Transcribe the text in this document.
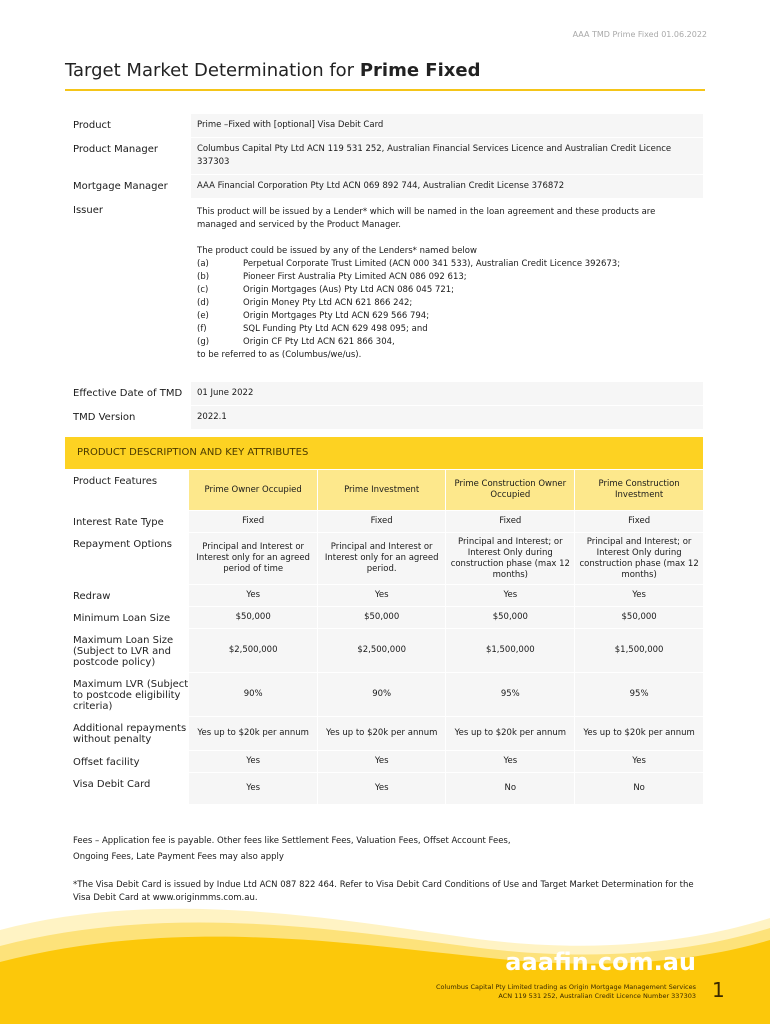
AAA TMD Prime Fixed 01.06.2022
Target Market Determination for Prime Fixed
Product	Prime –Fixed with [optional] Visa Debit Card
Product Manager	Columbus Capital Pty Ltd ACN 119 531 252, Australian Financial Services Licence and Australian Credit Licence 337303
Mortgage Manager	AAA Financial Corporation Pty Ltd ACN 069 892 744, Australian Credit License 376872
Issuer	This product will be issued by a Lender* which will be named in the loan agreement and these products are managed and serviced by the Product Manager.
The product could be issued by any of the Lenders* named below
(a)	Perpetual Corporate Trust Limited (ACN 000 341 533), Australian Credit Licence 392673;
(b)	Pioneer First Australia Pty Limited ACN 086 092 613;
(c)	Origin Mortgages (Aus) Pty Ltd ACN 086 045 721;
(d)	Origin Money Pty Ltd ACN 621 866 242;
(e)	Origin Mortgages Pty Ltd ACN 629 566 794;
(f)	SQL Funding Pty Ltd ACN 629 498 095; and
(g)	Origin CF Pty Ltd ACN 621 866 304,
to be referred to as (Columbus/we/us).
Effective Date of TMD	01 June 2022
TMD Version	2022.1
PRODUCT DESCRIPTION AND KEY ATTRIBUTES
Product Features	Prime Owner Occupied	Prime Investment	Prime Construction Owner Occupied	Prime Construction Investment
Interest Rate Type	Fixed	Fixed	Fixed	Fixed
Repayment Options	Principal and Interest or Interest only for an agreed period of time	Principal and Interest or Interest only for an agreed period.	Principal and Interest; or Interest Only during construction phase (max 12 months)	Principal and Interest; or Interest Only during construction phase (max 12 months)
Redraw	Yes	Yes	Yes	Yes
Minimum Loan Size	$50,000	$50,000	$50,000	$50,000
Maximum Loan Size (Subject to LVR and postcode policy)	$2,500,000	$2,500,000	$1,500,000	$1,500,000
Maximum LVR (Subject to postcode eligibility criteria)	90%	90%	95%	95%
Additional repayments without penalty	Yes up to $20k per annum	Yes up to $20k per annum	Yes up to $20k per annum	Yes up to $20k per annum
Offset facility	Yes	Yes	Yes	Yes
Visa Debit Card	Yes	Yes	No	No
Fees – Application fee is payable. Other fees like Settlement Fees, Valuation Fees, Offset Account Fees,
Ongoing Fees, Late Payment Fees may also apply
*The Visa Debit Card is issued by Indue Ltd ACN 087 822 464. Refer to Visa Debit Card Conditions of Use and Target Market Determination for the Visa Debit Card at www.originmms.com.au.
aaafin.com.au
Columbus Capital Pty Limited trading as Origin Mortgage Management Services
ACN 119 531 252, Australian Credit Licence Number 337303 1
